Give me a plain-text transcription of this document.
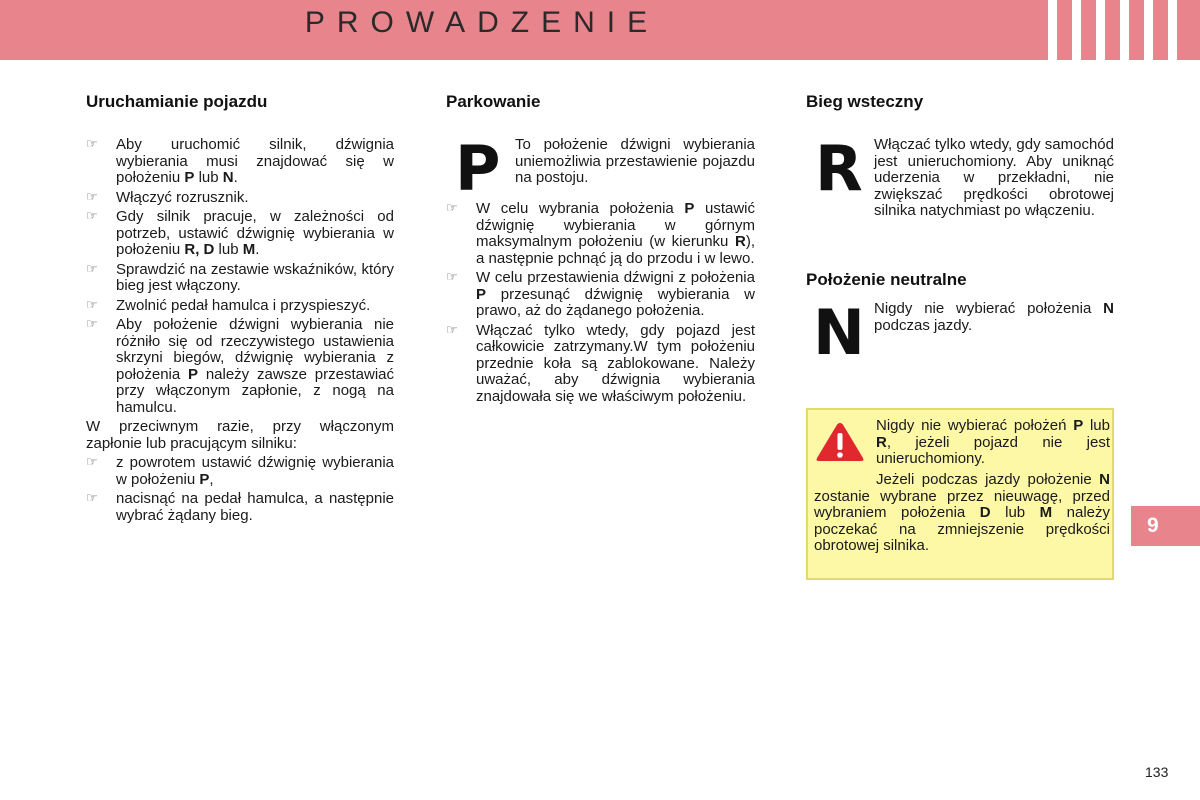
PROWADZENIE
Uruchamianie pojazdu
☞ Aby uruchomić silnik, dźwignia wybierania musi znajdować się w położeniu P lub N.
☞ Włączyć rozrusznik.
☞ Gdy silnik pracuje, w zależności od potrzeb, ustawić dźwignię wybierania w położeniu R, D lub M.
☞ Sprawdzić na zestawie wskaźników, który bieg jest włączony.
☞ Zwolnić pedał hamulca i przyspieszyć.
☞ Aby położenie dźwigni wybierania nie różniło się od rzeczywistego ustawienia skrzyni biegów, dźwignię wybierania z położenia P należy zawsze przestawiać przy włączonym zapłonie, z nogą na hamulcu.

W przeciwnym razie, przy włączonym zapłonie lub pracującym silniku:

☞ z powrotem ustawić dźwignię wybierania w położeniu P,
☞ nacisnąć na pedał hamulca, a następnie wybrać żądany bieg.
Parkowanie
P To położenie dźwigni wybierania uniemożliwia przestawienie pojazdu na postoju.

☞ W celu wybrania położenia P ustawić dźwignię wybierania w górnym maksymalnym położeniu (w kierunku R), a następnie pchnąć ją do przodu i w lewo.
☞ W celu przestawienia dźwigni z położenia P przesunąć dźwignię wybierania w prawo, aż do żądanego położenia.
☞ Włączać tylko wtedy, gdy pojazd jest całkowicie zatrzymany.W tym położeniu przednie koła są zablokowane. Należy uważać, aby dźwignia wybierania znajdowała się we właściwym położeniu.
Bieg wsteczny
R Włączać tylko wtedy, gdy samochód jest unieruchomiony. Aby uniknąć uderzenia w przekładni, nie zwiększać prędkości obrotowej silnika natychmiast po włączeniu.

Położenie neutralne
N Nigdy nie wybierać położenia N podczas jazdy.

Nigdy nie wybierać położeń P lub R, jeżeli pojazd nie jest unieruchomiony.

Jeżeli podczas jazdy położenie N zostanie wybrane przez nieuwagę, przed wybraniem położenia D lub M należy poczekać na zmniejszenie prędkości obrotowej silnika.

9
133
